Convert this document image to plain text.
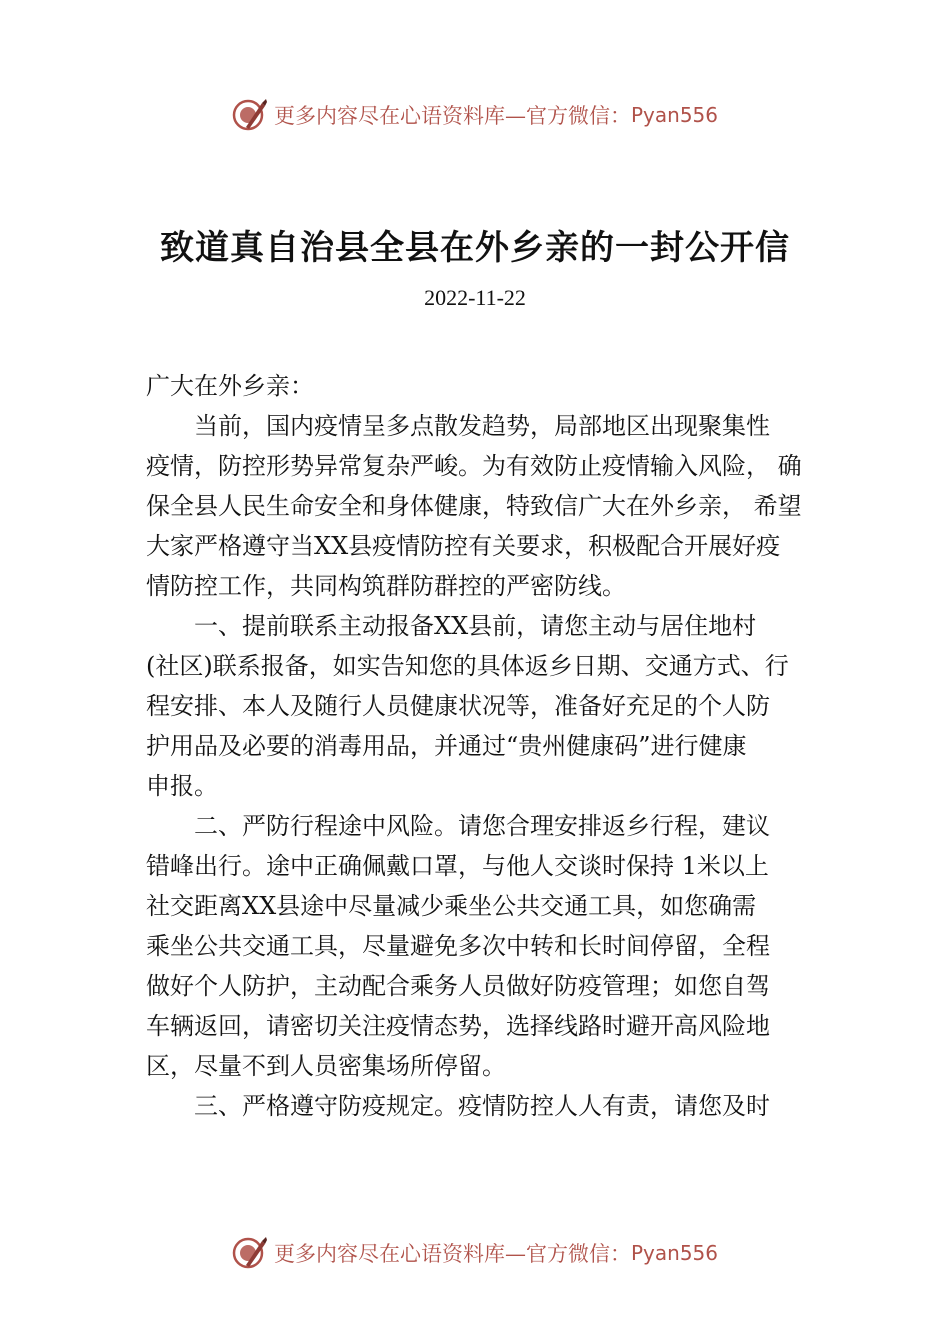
更多内容尽在心语资料库—官方微信： Pyan556
致道真自治县全县在外乡亲的一封公开信
2022-11-22
广大在外乡亲：
当前，国内疫情呈多点散发趋势，局部地区出现聚集性
疫情，防控形势异常复杂严峻。为有效防止疫情输入风险， 确
保全县人民生命安全和身体健康，特致信广大在外乡亲， 希望
大家严格遵守当XX县疫情防控有关要求，积极配合开展好疫
情防控工作，共同构筑群防群控的严密防线。
一、提前联系主动报备XX县前，请您主动与居住地村
(社区)联系报备，如实告知您的具体返乡日期、交通方式、行
程安排、本人及随行人员健康状况等，准备好充足的个人防
护用品及必要的消毒用品，并通过“贵州健康码”进行健康
申报。
二、严防行程途中风险。请您合理安排返乡行程，建议
错峰出行。途中正确佩戴口罩，与他人交谈时保持 1米以上
社交距离XX县途中尽量减少乘坐公共交通工具，如您确需
乘坐公共交通工具，尽量避免多次中转和长时间停留，全程
做好个人防护，主动配合乘务人员做好防疫管理；如您自驾
车辆返回，请密切关注疫情态势，选择线路时避开高风险地
区，尽量不到人员密集场所停留。
三、严格遵守防疫规定。疫情防控人人有责，请您及时
更多内容尽在心语资料库—官方微信： Pyan556
